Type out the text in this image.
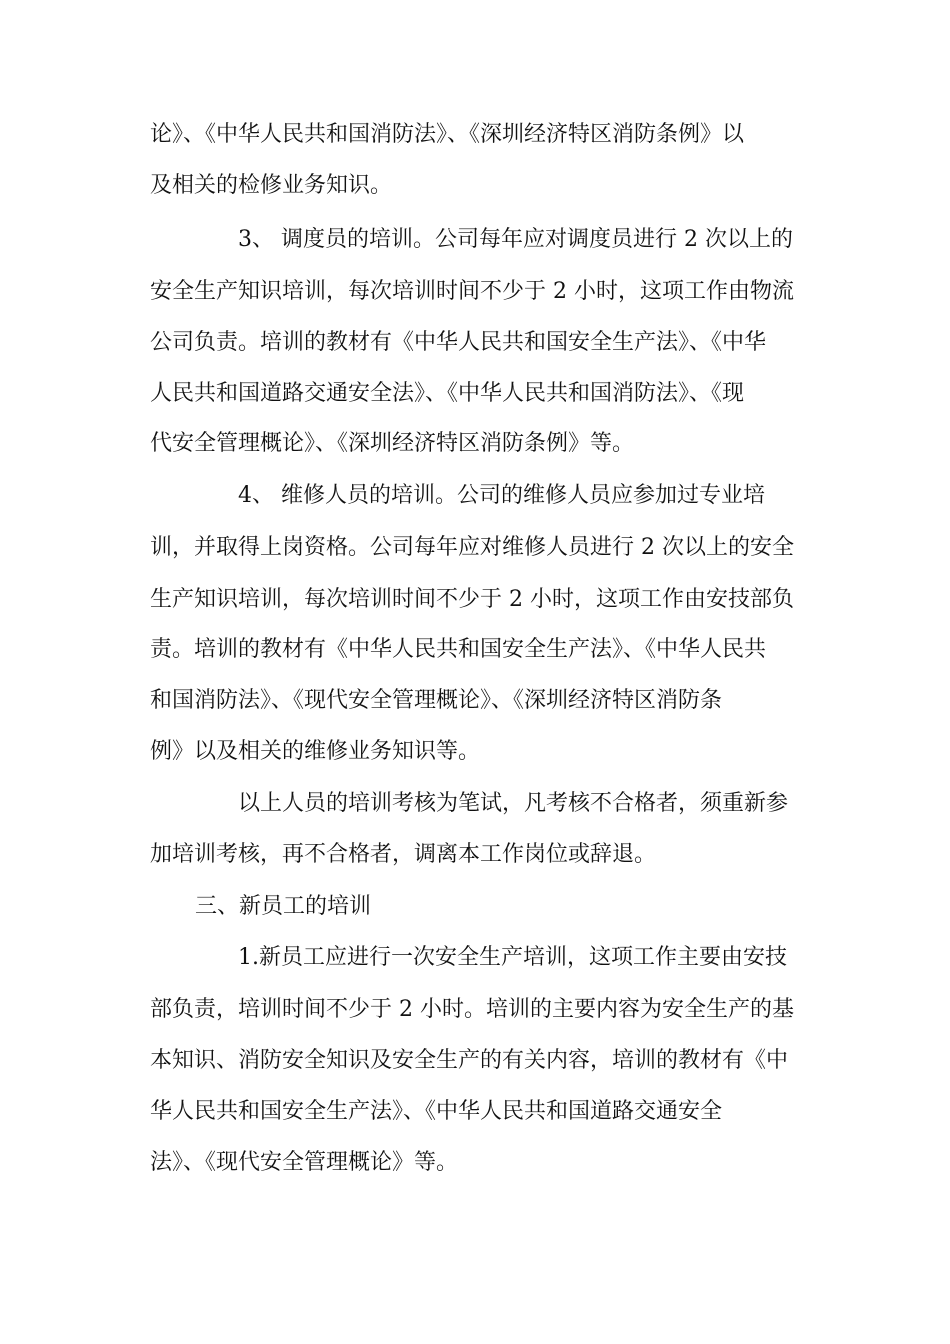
论》、《中华人民共和国消防法》、《深圳经济特区消防条例》以

及相关的检修业务知识。

3、 调度员的培训。公司每年应对调度员进行 2 次以上的

安全生产知识培训，每次培训时间不少于 2 小时，这项工作由物流

公司负责。培训的教材有《中华人民共和国安全生产法》、《中华

人民共和国道路交通安全法》、《中华人民共和国消防法》、《现

代安全管理概论》、《深圳经济特区消防条例》等。

4、 维修人员的培训。公司的维修人员应参加过专业培

训，并取得上岗资格。公司每年应对维修人员进行 2 次以上的安全

生产知识培训，每次培训时间不少于 2 小时，这项工作由安技部负

责。培训的教材有《中华人民共和国安全生产法》、《中华人民共

和国消防法》、《现代安全管理概论》、《深圳经济特区消防条

例》以及相关的维修业务知识等。

以上人员的培训考核为笔试，凡考核不合格者，须重新参

加培训考核，再不合格者，调离本工作岗位或辞退。

三、新员工的培训

1.新员工应进行一次安全生产培训，这项工作主要由安技

部负责，培训时间不少于 2 小时。培训的主要内容为安全生产的基

本知识、消防安全知识及安全生产的有关内容，培训的教材有《中

华人民共和国安全生产法》、《中华人民共和国道路交通安全

法》、《现代安全管理概论》等。
